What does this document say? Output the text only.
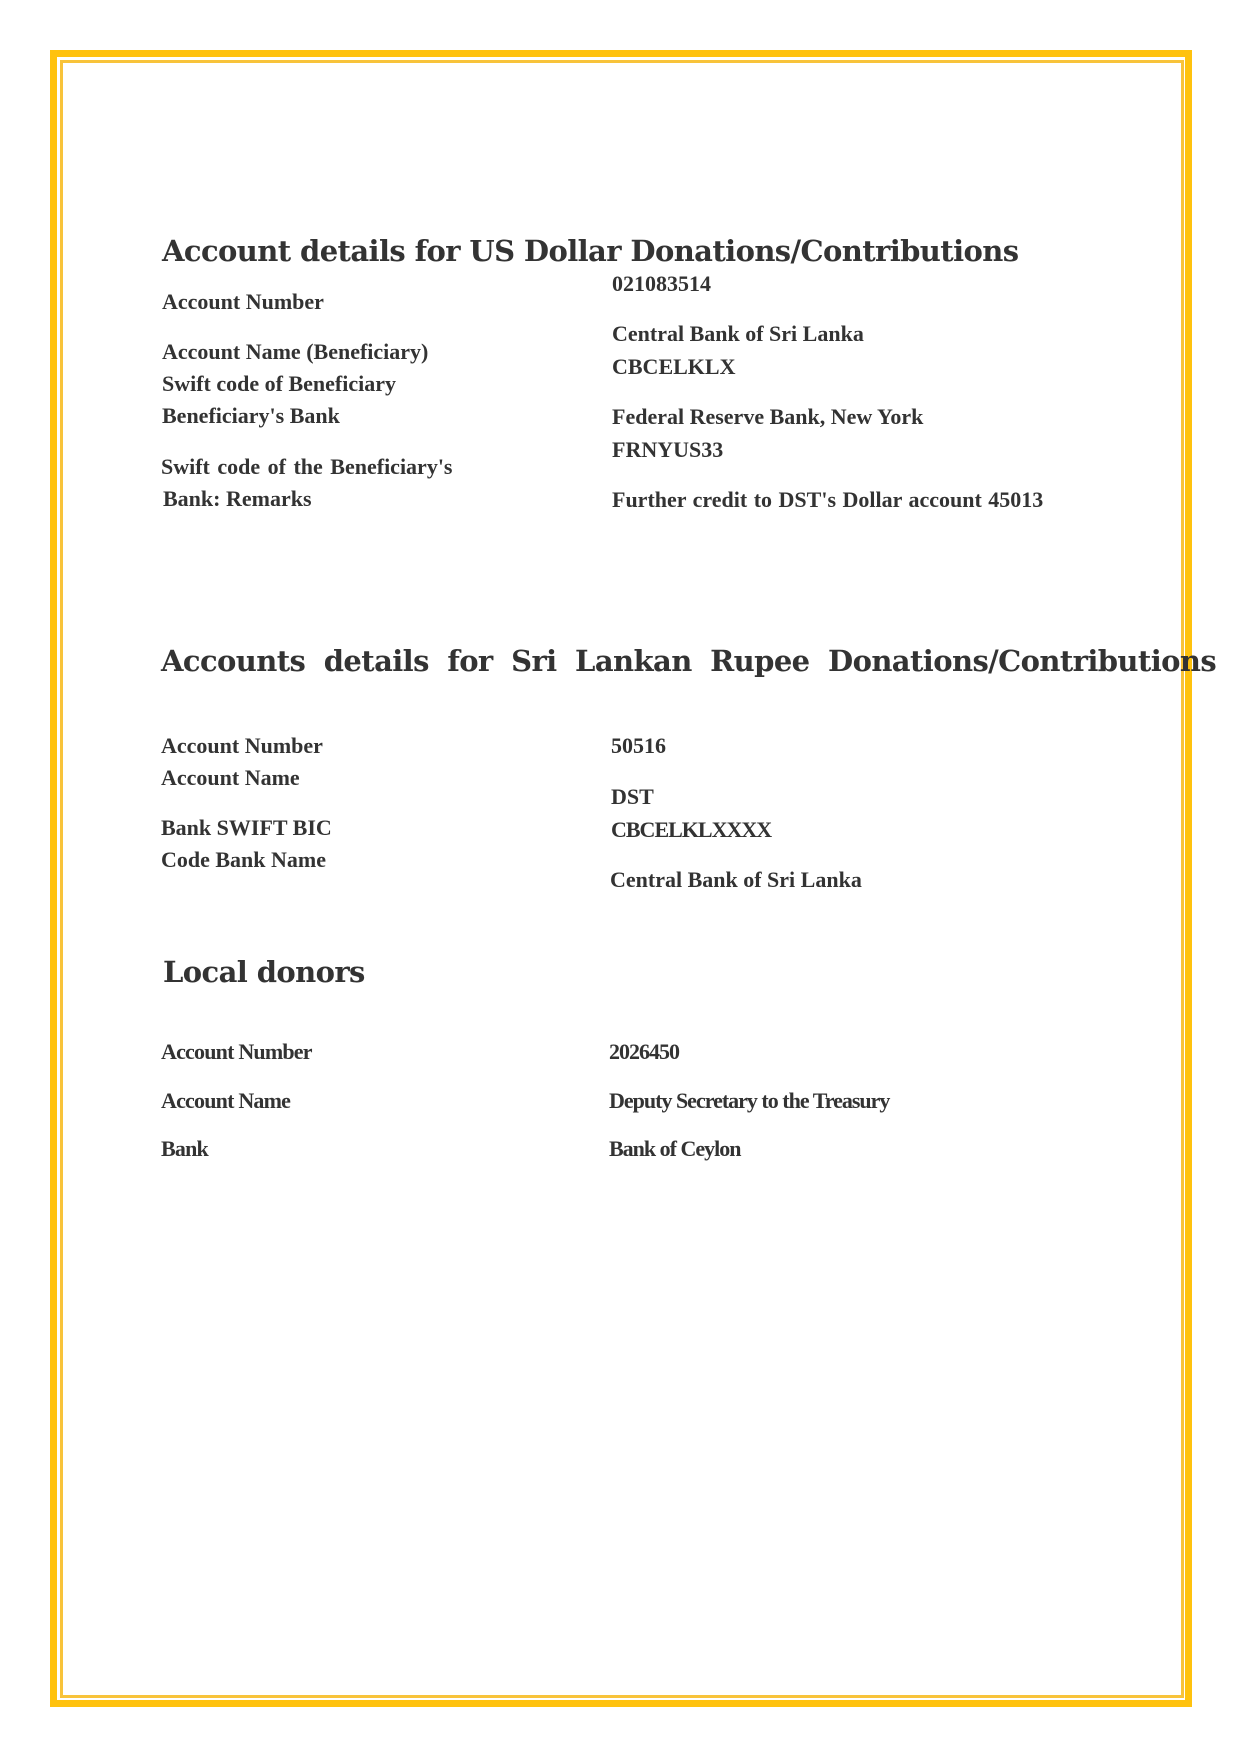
Account details for US Dollar Donations/Contributions
Account Number
Account Name (Beneficiary)
Swift code of Beneficiary
Beneficiary's Bank
Swift code of the Beneficiary's
Bank: Remarks
021083514
Central Bank of Sri Lanka
CBCELKLX
Federal Reserve Bank, New York
FRNYUS33
Further credit to DST's Dollar account 45013
Accounts details for Sri Lankan Rupee Donations/Contributions
Account Number
Account Name
Bank SWIFT BIC
Code Bank Name
50516
DST
CBCELKLXXXX
Central Bank of Sri Lanka
Local donors
Account Number
Account Name
Bank
2026450
Deputy Secretary to the Treasury
Bank of Ceylon
